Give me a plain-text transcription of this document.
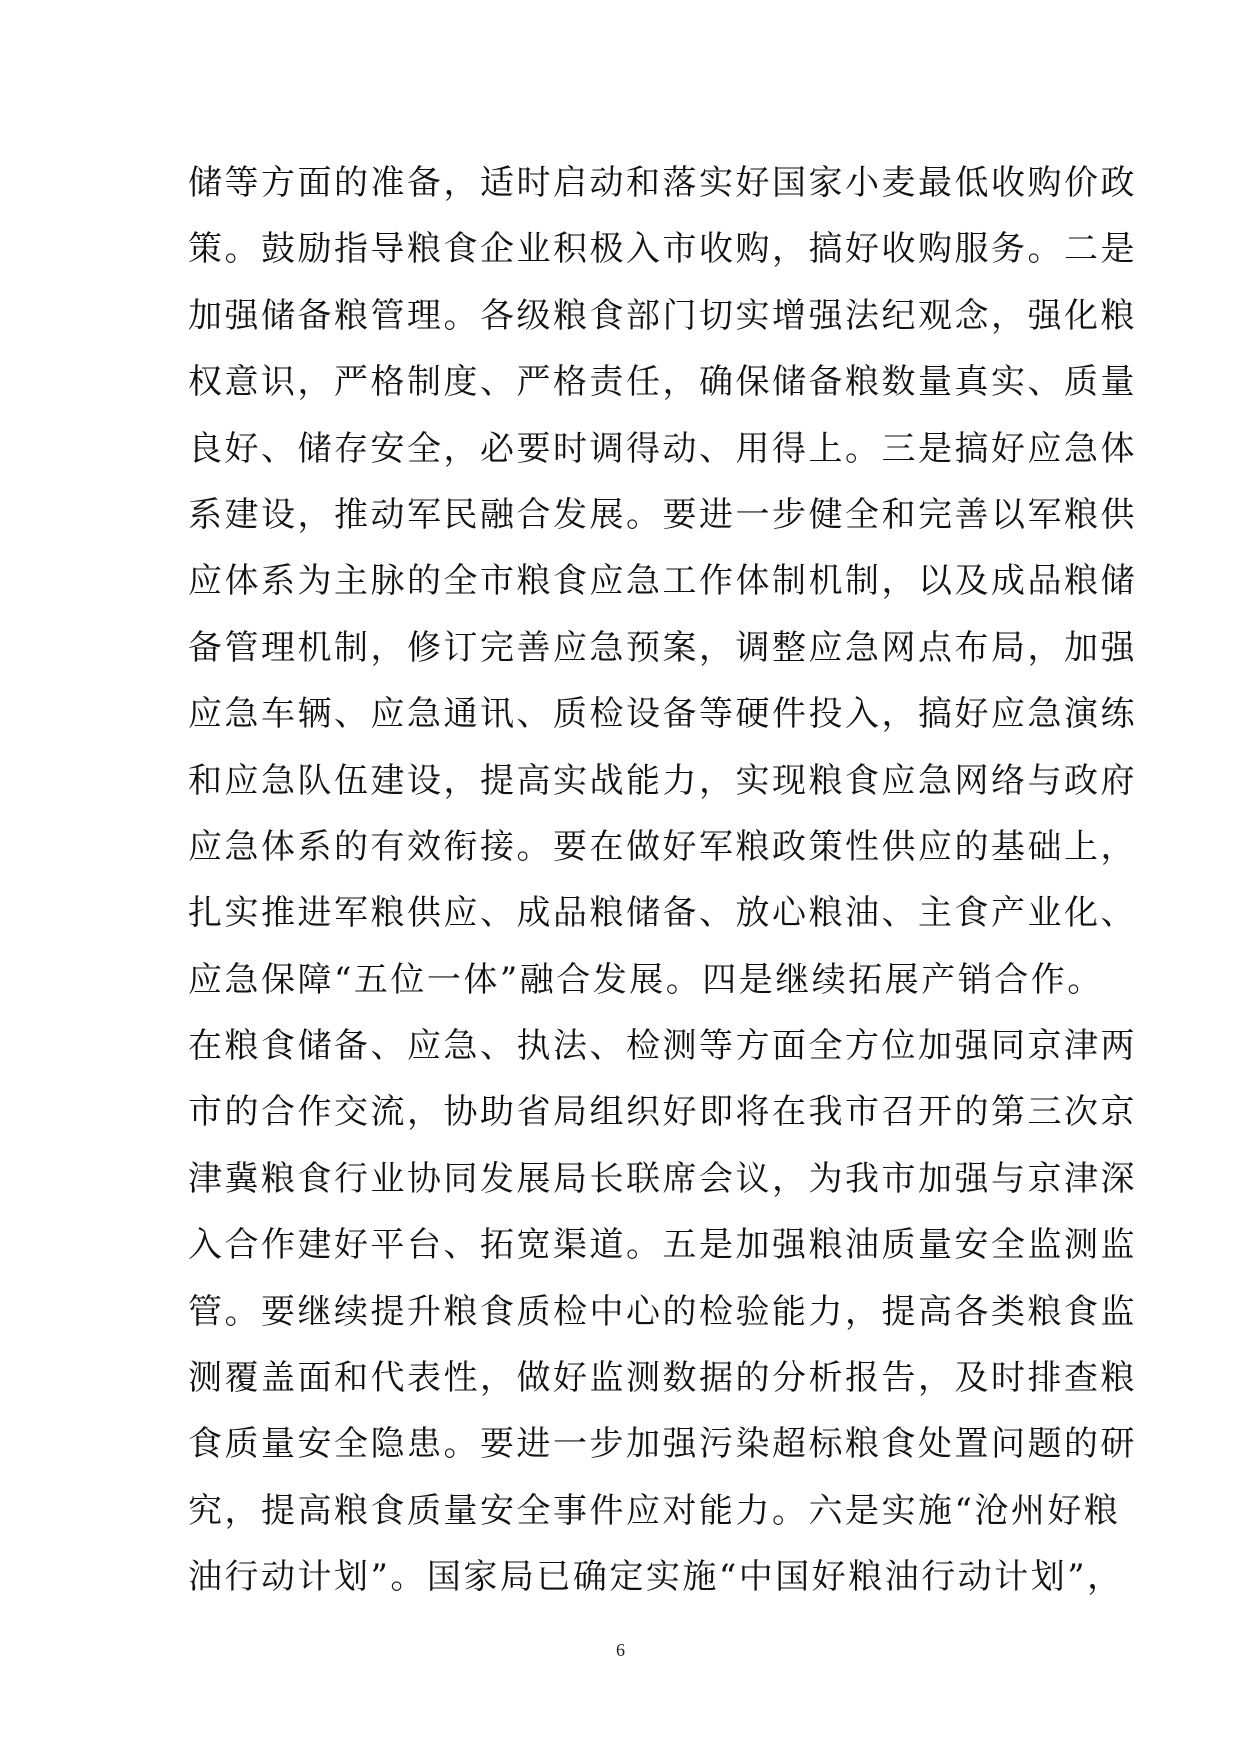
储等方面的准备，适时启动和落实好国家小麦最低收购价政
策。鼓励指导粮食企业积极入市收购，搞好收购服务。二是
加强储备粮管理。各级粮食部门切实增强法纪观念，强化粮
权意识，严格制度、严格责任，确保储备粮数量真实、质量
良好、储存安全，必要时调得动、用得上。三是搞好应急体
系建设，推动军民融合发展。要进一步健全和完善以军粮供
应体系为主脉的全市粮食应急工作体制机制，以及成品粮储
备管理机制，修订完善应急预案，调整应急网点布局，加强
应急车辆、应急通讯、质检设备等硬件投入，搞好应急演练
和应急队伍建设，提高实战能力，实现粮食应急网络与政府
应急体系的有效衔接。要在做好军粮政策性供应的基础上，
扎实推进军粮供应、成品粮储备、放心粮油、主食产业化、
应急保障“五位一体”融合发展。四是继续拓展产销合作。
在粮食储备、应急、执法、检测等方面全方位加强同京津两
市的合作交流，协助省局组织好即将在我市召开的第三次京
津冀粮食行业协同发展局长联席会议，为我市加强与京津深
入合作建好平台、拓宽渠道。五是加强粮油质量安全监测监
管。要继续提升粮食质检中心的检验能力，提高各类粮食监
测覆盖面和代表性，做好监测数据的分析报告，及时排查粮
食质量安全隐患。要进一步加强污染超标粮食处置问题的研
究，提高粮食质量安全事件应对能力。六是实施“沧州好粮
油行动计划”。国家局已确定实施“中国好粮油行动计划”，
6
